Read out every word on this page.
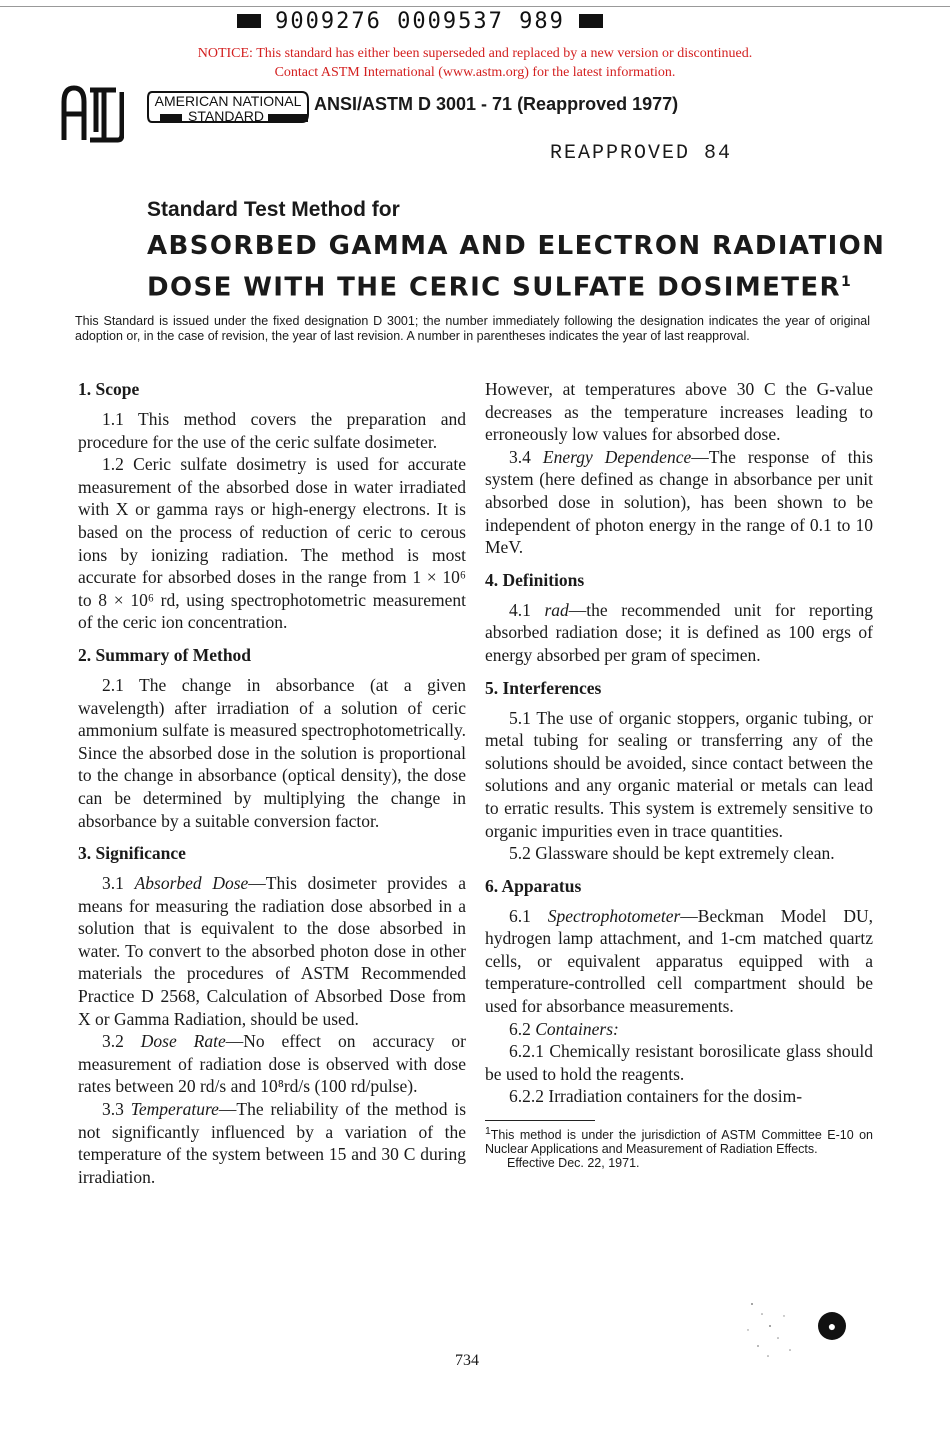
9009276 0009537 989
NOTICE: This standard has either been superseded and replaced by a new version or discontinued.
Contact ASTM International (www.astm.org) for the latest information.
AMERICAN NATIONAL
STANDARD
ANSI/ASTM D 3001 - 71 (Reapproved 1977)
REAPPROVED 84
Standard Test Method for
ABSORBED GAMMA AND ELECTRON RADIATION DOSE WITH THE CERIC SULFATE DOSIMETER$^1$
This Standard is issued under the fixed designation D 3001; the number immediately following the designation indicates the year of original adoption or, in the case of revision, the year of last revision. A number in parentheses indicates the year of last reapproval.
1. Scope

1.1 This method covers the preparation and procedure for the use of the ceric sulfate dosimeter.

1.2 Ceric sulfate dosimetry is used for accurate measurement of the absorbed dose in water irradiated with X or gamma rays or high-energy electrons. It is based on the process of reduction of ceric to cerous ions by ionizing radiation. The method is most accurate for absorbed doses in the range from 1 × 10⁶ to 8 × 10⁶ rd, using spectrophotometric measurement of the ceric ion concentration.

2. Summary of Method

2.1 The change in absorbance (at a given wavelength) after irradiation of a solution of ceric ammonium sulfate is measured spectrophotometrically. Since the absorbed dose in the solution is proportional to the change in absorbance (optical density), the dose can be determined by multiplying the change in absorbance by a suitable conversion factor.

3. Significance

3.1 Absorbed Dose—This dosimeter provides a means for measuring the radiation dose absorbed in a solution that is equivalent to the dose absorbed in water. To convert to the absorbed photon dose in other materials the procedures of ASTM Recommended Practice D 2568, Calculation of Absorbed Dose from X or Gamma Radiation, should be used.

3.2 Dose Rate—No effect on accuracy or measurement of radiation dose is observed with dose rates between 20 rd/s and 10⁸rd/s (100 rd/pulse).

3.3 Temperature—The reliability of the method is not significantly influenced by a variation of the temperature of the system between 15 and 30 C during irradiation.

However, at temperatures above 30 C the G-value decreases as the temperature increases leading to erroneously low values for absorbed dose.

3.4 Energy Dependence—The response of this system (here defined as change in absorbance per unit absorbed dose in solution), has been shown to be independent of photon energy in the range of 0.1 to 10 MeV.

4. Definitions

4.1 rad—the recommended unit for reporting absorbed radiation dose; it is defined as 100 ergs of energy absorbed per gram of specimen.

5. Interferences

5.1 The use of organic stoppers, organic tubing, or metal tubing for sealing or transferring any of the solutions should be avoided, since contact between the solutions and any organic material or metals can lead to erratic results. This system is extremely sensitive to organic impurities even in trace quantities.

5.2 Glassware should be kept extremely clean.

6. Apparatus

6.1 Spectrophotometer—Beckman Model DU, hydrogen lamp attachment, and 1-cm matched quartz cells, or equivalent apparatus equipped with a temperature-controlled cell compartment should be used for absorbance measurements.

6.2 Containers:

6.2.1 Chemically resistant borosilicate glass should be used to hold the reagents.

6.2.2 Irradiation containers for the dosim-

$^1$This method is under the jurisdiction of ASTM Committee E-10 on Nuclear Applications and Measurement of Radiation Effects.

Effective Dec. 22, 1971.

734
●
